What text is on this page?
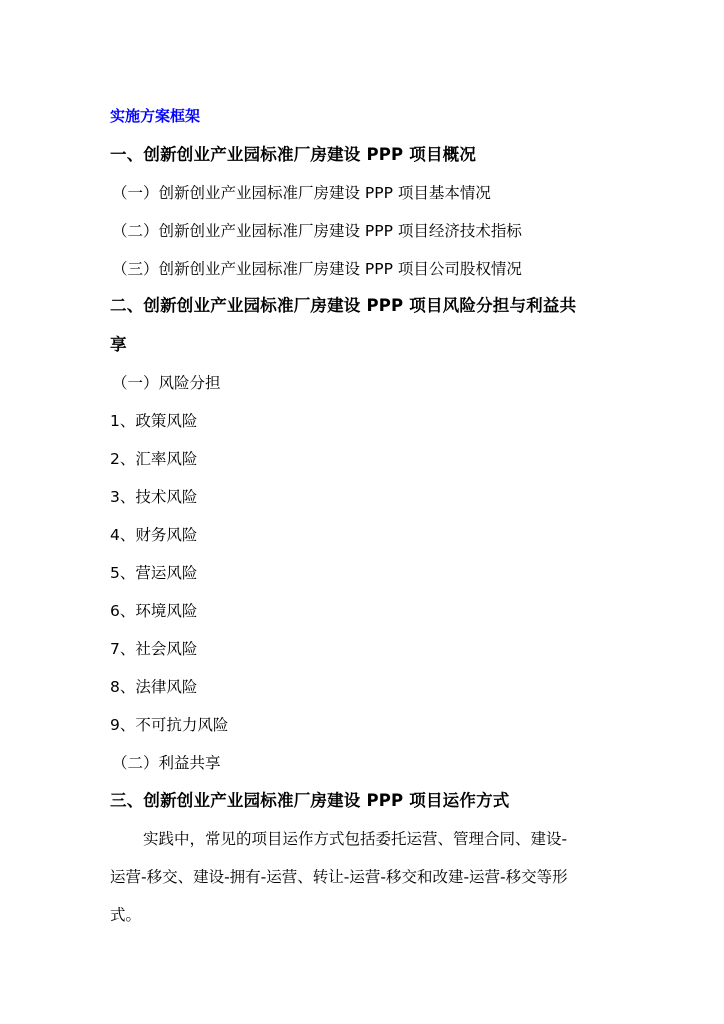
实施方案框架
一、创新创业产业园标准厂房建设 PPP 项目概况
（一）创新创业产业园标准厂房建设 PPP 项目基本情况
（二）创新创业产业园标准厂房建设 PPP 项目经济技术指标
（三）创新创业产业园标准厂房建设 PPP 项目公司股权情况
二、创新创业产业园标准厂房建设 PPP 项目风险分担与利益共
享
（一）风险分担
1、政策风险
2、汇率风险
3、技术风险
4、财务风险
5、营运风险
6、环境风险
7、社会风险
8、法律风险
9、不可抗力风险
（二）利益共享
三、创新创业产业园标准厂房建设 PPP 项目运作方式
实践中，常见的项目运作方式包括委托运营、管理合同、建设-
运营-移交、建设-拥有-运营、转让-运营-移交和改建-运营-移交等形
式。
